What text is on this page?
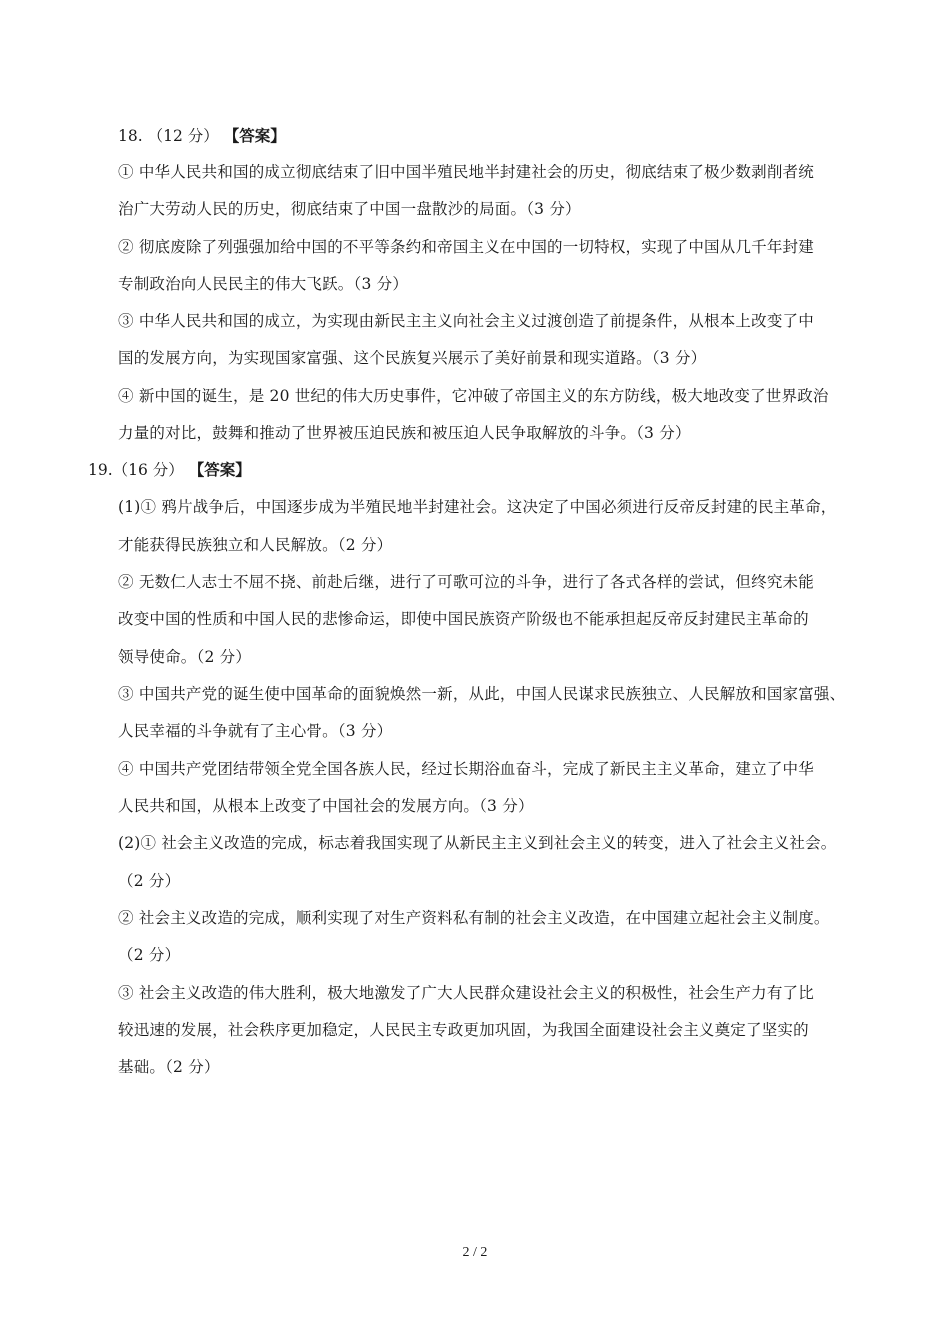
18. （12 分） 【答案】
① 中华人民共和国的成立彻底结束了旧中国半殖民地半封建社会的历史，彻底结束了极少数剥削者统
治广大劳动人民的历史，彻底结束了中国一盘散沙的局面。（3 分）
② 彻底废除了列强强加给中国的不平等条约和帝国主义在中国的一切特权，实现了中国从几千年封建
专制政治向人民民主的伟大飞跃。（3 分）
③ 中华人民共和国的成立，为实现由新民主主义向社会主义过渡创造了前提条件，从根本上改变了中
国的发展方向，为实现国家富强、这个民族复兴展示了美好前景和现实道路。（3 分）
④ 新中国的诞生，是 20 世纪的伟大历史事件，它冲破了帝国主义的东方防线，极大地改变了世界政治
力量的对比，鼓舞和推动了世界被压迫民族和被压迫人民争取解放的斗争。（3 分）
19.（16 分） 【答案】
(1)① 鸦片战争后，中国逐步成为半殖民地半封建社会。这决定了中国必须进行反帝反封建的民主革命，
才能获得民族独立和人民解放。（2 分）
② 无数仁人志士不屈不挠、前赴后继，进行了可歌可泣的斗争，进行了各式各样的尝试，但终究未能
改变中国的性质和中国人民的悲惨命运，即使中国民族资产阶级也不能承担起反帝反封建民主革命的
领导使命。（2 分）
③ 中国共产党的诞生使中国革命的面貌焕然一新，从此，中国人民谋求民族独立、人民解放和国家富强、
人民幸福的斗争就有了主心骨。（3 分）
④ 中国共产党团结带领全党全国各族人民，经过长期浴血奋斗，完成了新民主主义革命，建立了中华
人民共和国，从根本上改变了中国社会的发展方向。（3 分）
(2)① 社会主义改造的完成，标志着我国实现了从新民主主义到社会主义的转变，进入了社会主义社会。
（2 分）
② 社会主义改造的完成，顺利实现了对生产资料私有制的社会主义改造，在中国建立起社会主义制度。
（2 分）
③ 社会主义改造的伟大胜利，极大地激发了广大人民群众建设社会主义的积极性，社会生产力有了比
较迅速的发展，社会秩序更加稳定，人民民主专政更加巩固，为我国全面建设社会主义奠定了坚实的
基础。（2 分）
2 / 2
